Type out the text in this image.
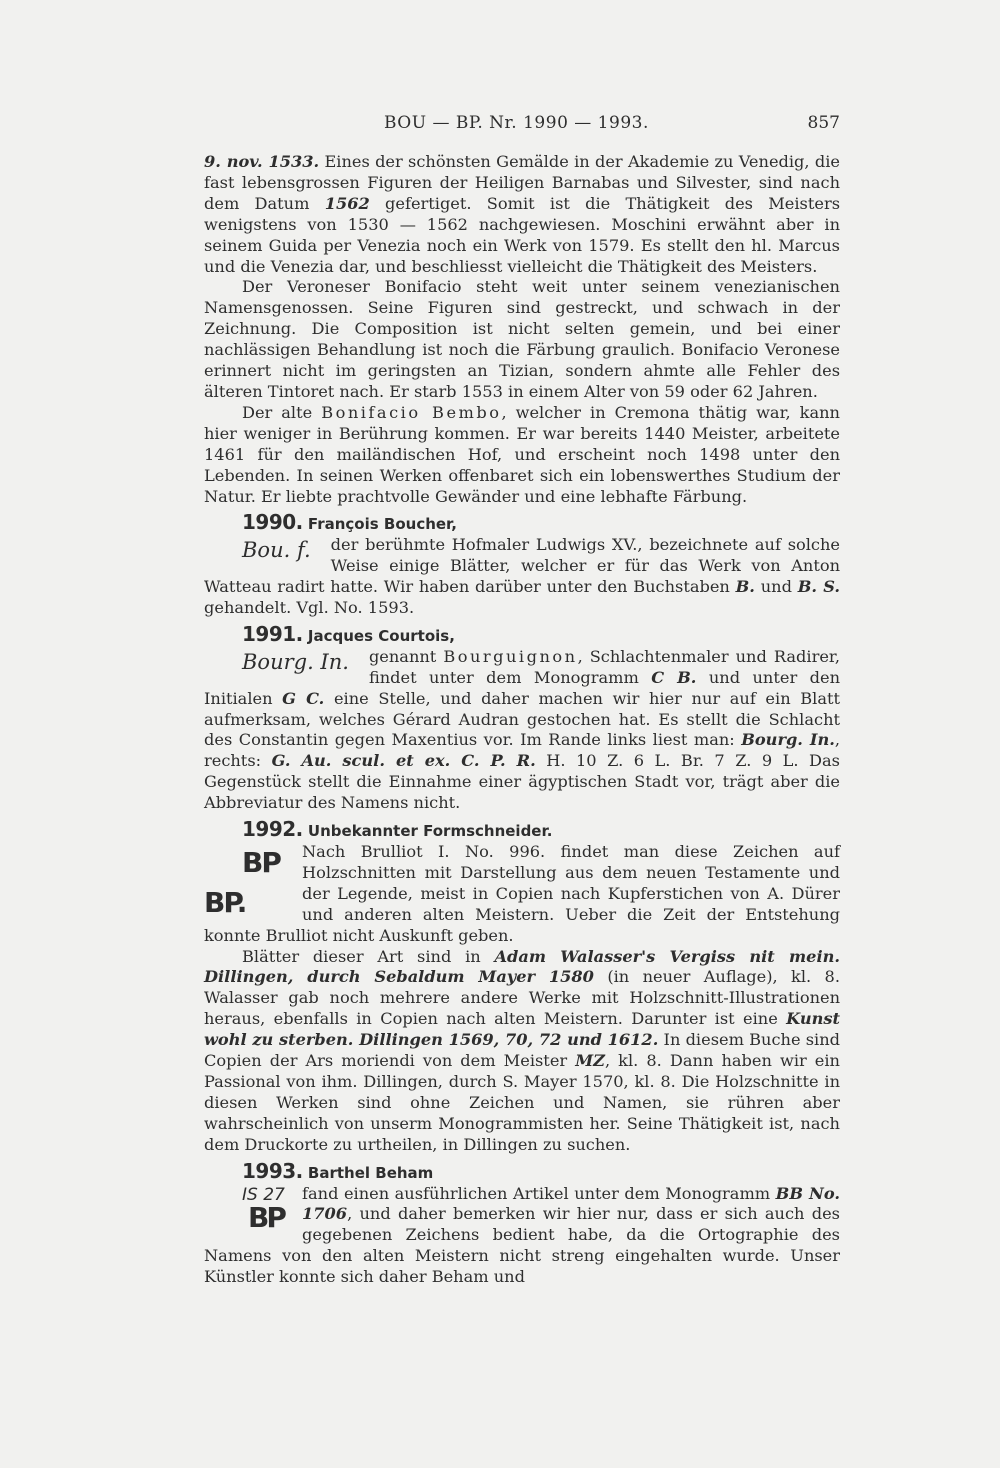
BOU — BP. Nr. 1990 — 1993.	857

9. nov. 1533. Eines der schönsten Gemälde in der Akademie zu Venedig, die fast lebensgrossen Figuren der Heiligen Barnabas und Silvester, sind nach dem Datum 1562 gefertiget. Somit ist die Thätigkeit des Meisters wenigstens von 1530 — 1562 nachgewiesen. Moschini erwähnt aber in seinem Guida per Venezia noch ein Werk von 1579. Es stellt den hl. Marcus und die Venezia dar, und beschliesst vielleicht die Thätigkeit des Meisters.

Der Veroneser Bonifacio steht weit unter seinem venezianischen Namensgenossen. Seine Figuren sind gestreckt, und schwach in der Zeichnung. Die Composition ist nicht selten gemein, und bei einer nachlässigen Behandlung ist noch die Färbung graulich. Bonifacio Veronese erinnert nicht im geringsten an Tizian, sondern ahmte alle Fehler des älteren Tintoret nach. Er starb 1553 in einem Alter von 59 oder 62 Jahren.

Der alte Bonifacio Bembo, welcher in Cremona thätig war, kann hier weniger in Berührung kommen. Er war bereits 1440 Meister, arbeitete 1461 für den mailändischen Hof, und erscheint noch 1498 unter den Lebenden. In seinen Werken offenbaret sich ein lobenswerthes Studium der Natur. Er liebte prachtvolle Gewänder und eine lebhafte Färbung.

1990. François Boucher,

Bou. f. der berühmte Hofmaler Ludwigs XV., bezeichnete auf solche Weise einige Blätter, welcher er für das Werk von Anton Watteau radirt hatte. Wir haben darüber unter den Buchstaben B. und B. S. gehandelt. Vgl. No. 1593.

1991. Jacques Courtois,

Bourg. In. genannt Bourguignon, Schlachtenmaler und Radirer, findet unter dem Monogramm C B. und unter den Initialen G C. eine Stelle, und daher machen wir hier nur auf ein Blatt aufmerksam, welches Gérard Audran gestochen hat. Es stellt die Schlacht des Constantin gegen Maxentius vor. Im Rande links liest man: Bourg. In., rechts: G. Au. scul. et ex. C. P. R. H. 10 Z. 6 L. Br. 7 Z. 9 L. Das Gegenstück stellt die Einnahme einer ägyptischen Stadt vor, trägt aber die Abbreviatur des Namens nicht.

1992. Unbekannter Formschneider.

BP BP.
Nach Brulliot I. No. 996. findet man diese Zeichen auf Holzschnitten mit Darstellung aus dem neuen Testamente und der Legende, meist in Copien nach Kupferstichen von A. Dürer und anderen alten Meistern. Ueber die Zeit der Entstehung konnte Brulliot nicht Auskunft geben.

Blätter dieser Art sind in Adam Walasser's Vergiss nit mein. Dillingen, durch Sebaldum Mayer 1580 (in neuer Auflage), kl. 8. Walasser gab noch mehrere andere Werke mit Holzschnitt-Illustrationen heraus, ebenfalls in Copien nach alten Meistern. Darunter ist eine Kunst wohl zu sterben. Dillingen 1569, 70, 72 und 1612. In diesem Buche sind Copien der Ars moriendi von dem Meister MZ, kl. 8. Dann haben wir ein Passional von ihm. Dillingen, durch S. Mayer 1570, kl. 8. Die Holzschnitte in diesen Werken sind ohne Zeichen und Namen, sie rühren aber wahrscheinlich von unserm Monogrammisten her. Seine Thätigkeit ist, nach dem Druckorte zu urtheilen, in Dillingen zu suchen.

1993. Barthel Beham

IS 27
BP
fand einen ausführlichen Artikel unter dem Monogramm BB No. 1706, und daher bemerken wir hier nur, dass er sich auch des gegebenen Zeichens bedient habe, da die Ortographie des Namens von den alten Meistern nicht streng eingehalten wurde. Unser Künstler konnte sich daher Beham und
